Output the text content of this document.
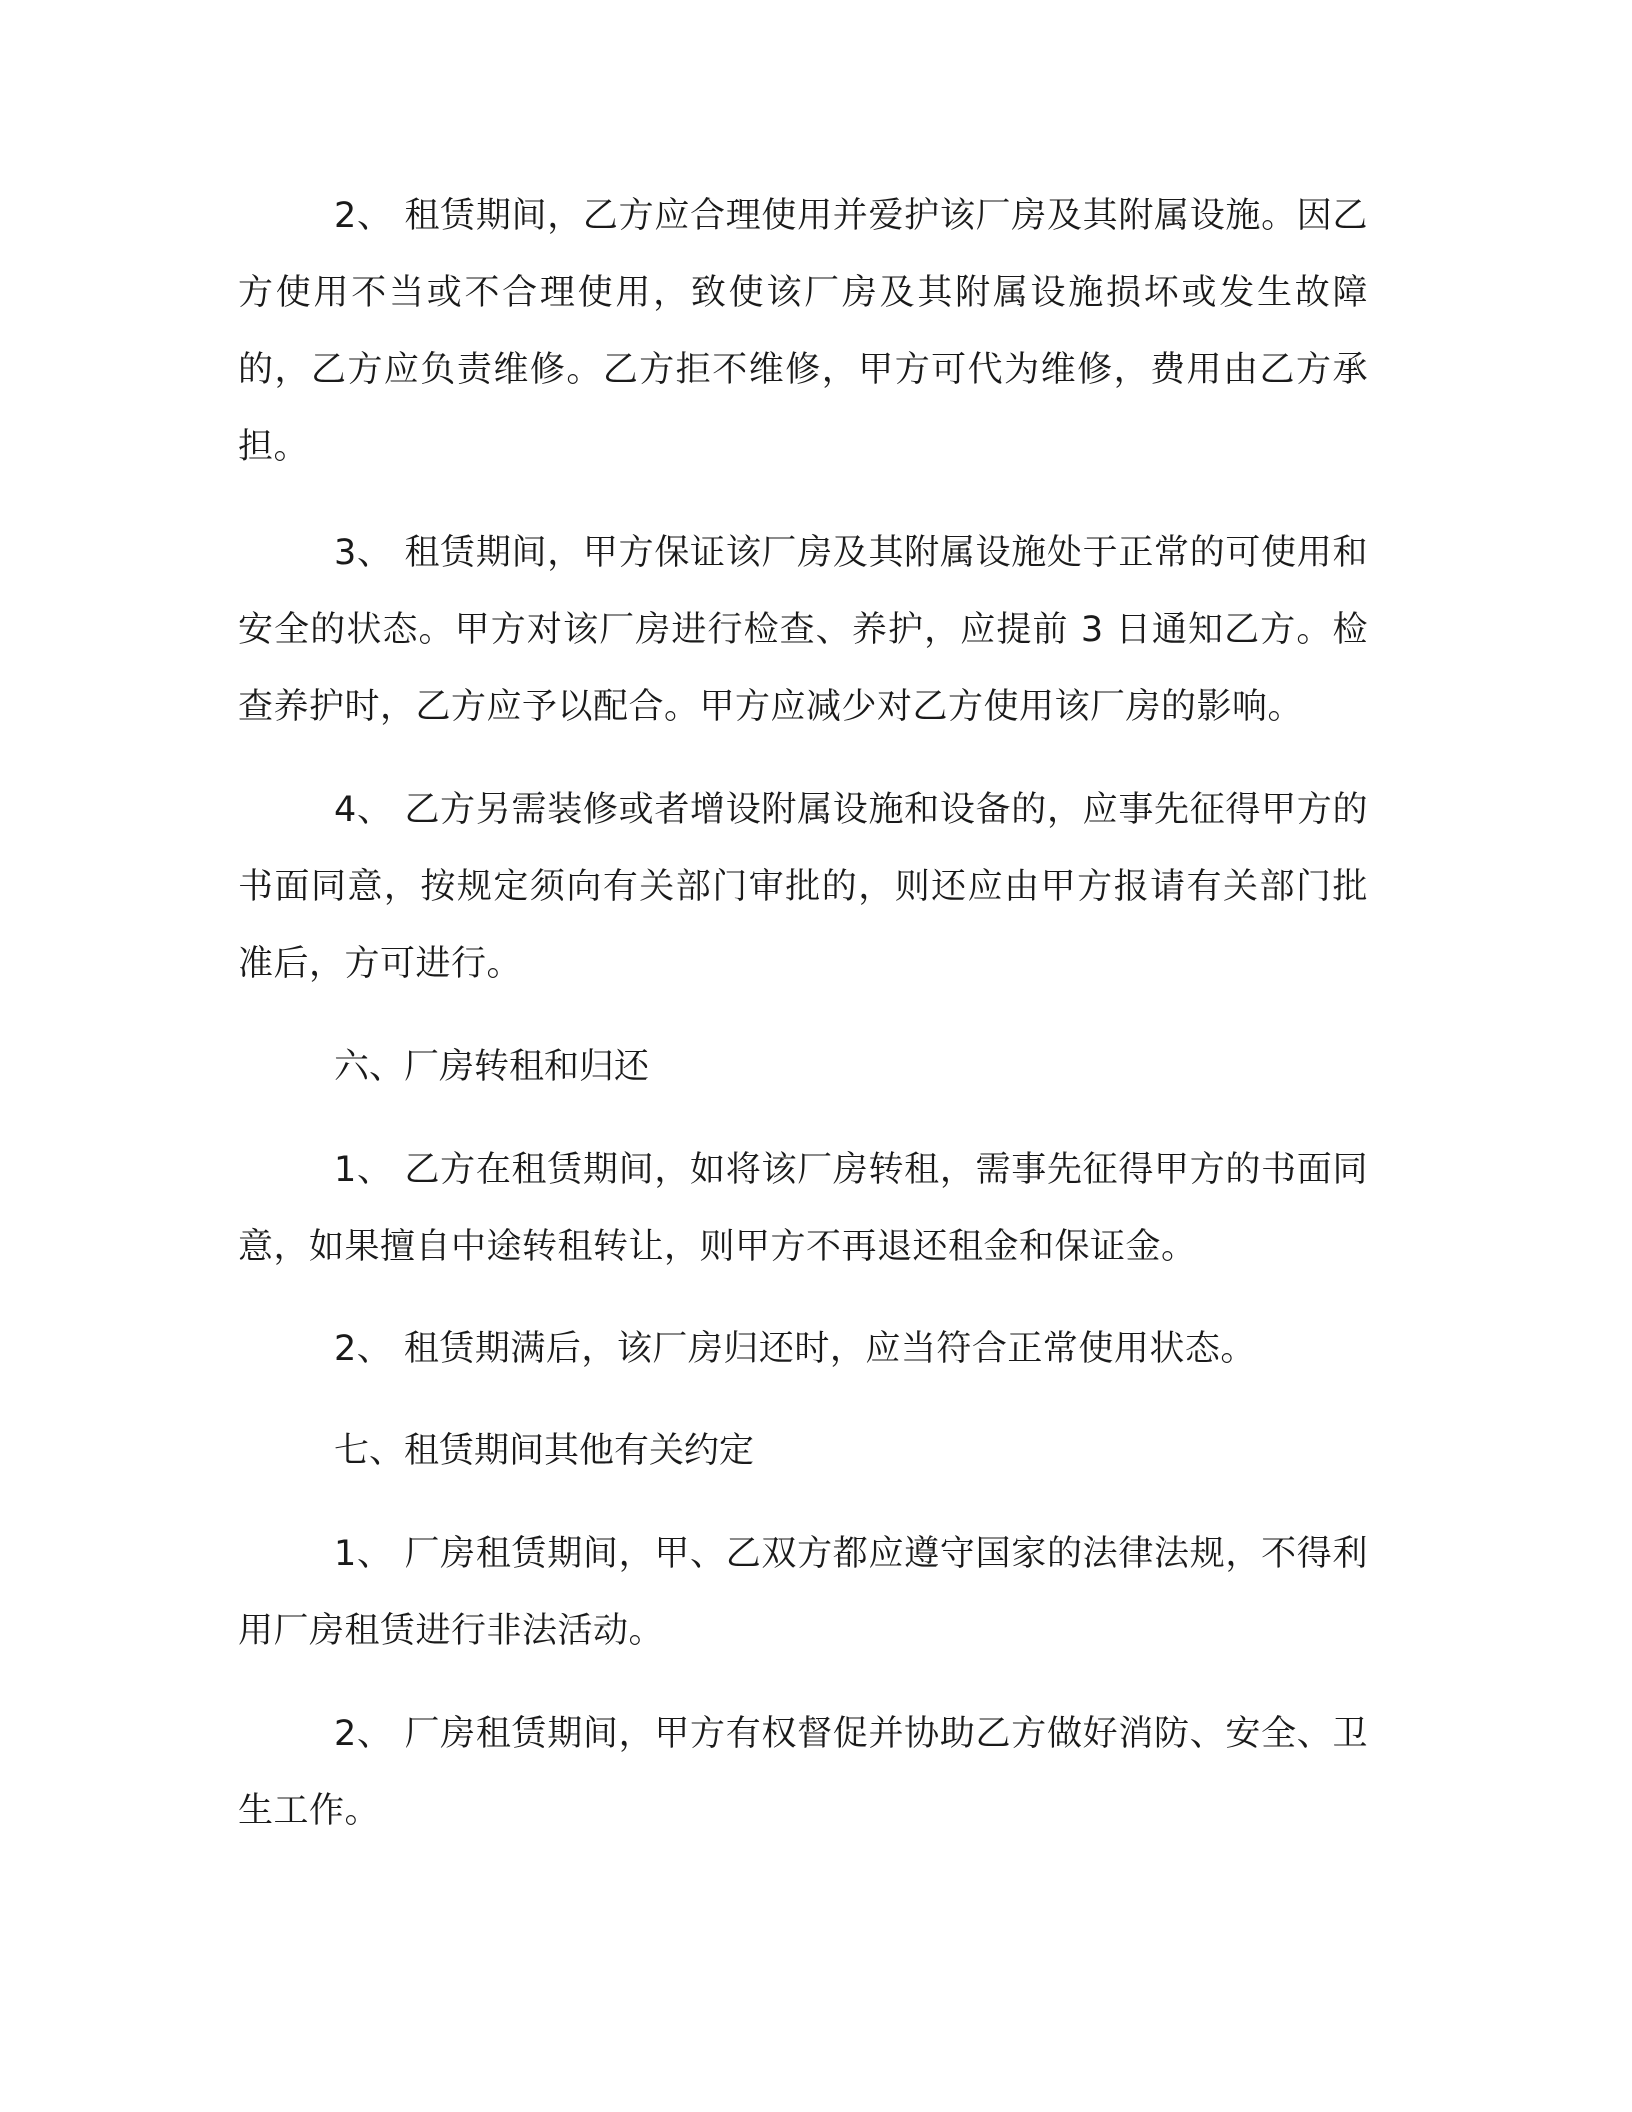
2、 租赁期间，乙方应合理使用并爱护该厂房及其附属设施。因乙方使用不当或不合理使用，致使该厂房及其附属设施损坏或发生故障的，乙方应负责维修。乙方拒不维修，甲方可代为维修，费用由乙方承担。

3、 租赁期间，甲方保证该厂房及其附属设施处于正常的可使用和安全的状态。甲方对该厂房进行检查、养护，应提前 3 日通知乙方。检查养护时，乙方应予以配合。甲方应减少对乙方使用该厂房的影响。

4、 乙方另需装修或者增设附属设施和设备的，应事先征得甲方的书面同意，按规定须向有关部门审批的，则还应由甲方报请有关部门批准后，方可进行。

六、厂房转租和归还

1、 乙方在租赁期间，如将该厂房转租，需事先征得甲方的书面同意，如果擅自中途转租转让，则甲方不再退还租金和保证金。

2、 租赁期满后，该厂房归还时，应当符合正常使用状态。

七、租赁期间其他有关约定

1、 厂房租赁期间，甲、乙双方都应遵守国家的法律法规，不得利用厂房租赁进行非法活动。

2、 厂房租赁期间，甲方有权督促并协助乙方做好消防、安全、卫生工作。
